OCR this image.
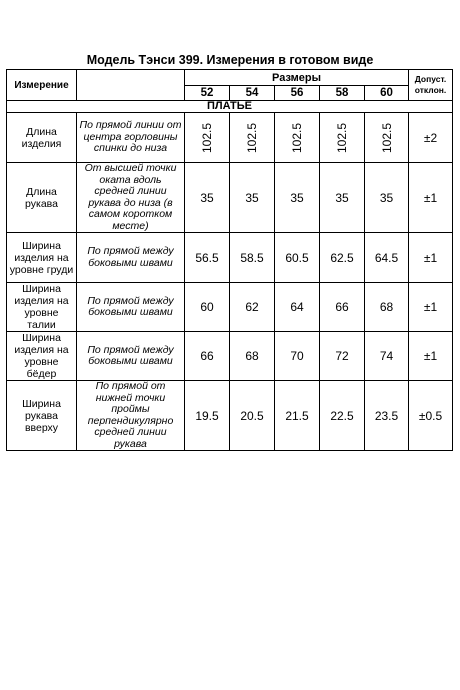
Модель Тэнси 399. Измерения в готовом виде
Измерение		Размеры					Допуст.
отклон.
		52	54	56	58	60	
ПЛАТЬЕ							
Длина изделия	По прямой линии от центра горловины спинки до низа	102.5	102.5	102.5	102.5	102.5	±2
Длина рукава	От высшей точки оката вдоль средней линии рукава до низа (в самом коротком месте)	35	35	35	35	35	±1
Ширина изделия на уровне груди	По прямой между боковыми швами	56.5	58.5	60.5	62.5	64.5	±1
Ширина изделия на уровне талии	По прямой между боковыми швами	60	62	64	66	68	±1
Ширина изделия на уровне бёдер	По прямой между боковыми швами	66	68	70	72	74	±1
Ширина рукава вверху	По прямой от нижней точки проймы перпендикулярно средней линии рукава	19.5	20.5	21.5	22.5	23.5	±0.5
